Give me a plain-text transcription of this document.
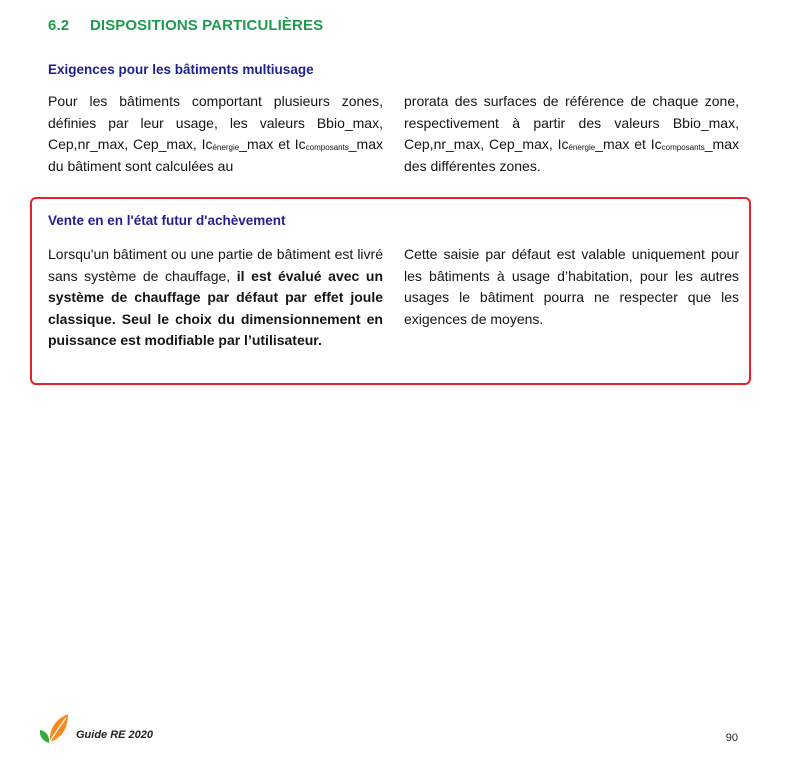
6.2 DISPOSITIONS PARTICULIÈRES
Exigences pour les bâtiments multiusage

Pour les bâtiments comportant plusieurs zones, définies par leur usage, les valeurs Bbio_max, Cep,nr_max, Cep_max, $Ic_{énergie}\_\max$ et $Ic_{composants}\_\max$ du bâtiment sont calculées au

prorata des surfaces de référence de chaque zone, respectivement à partir des valeurs Bbio_max, Cep,nr_max, Cep_max, $Ic_{énergie}\_\max$ et $Ic_{composants}\_\max$ des différentes zones.

Vente en en l'état futur d'achèvement

Lorsqu'un bâtiment ou une partie de bâtiment est livré sans système de chauffage, il est évalué avec un système de chauffage par défaut par effet joule classique. Seul le choix du dimensionnement en puissance est modifiable par l’utilisateur.

Cette saisie par défaut est valable uniquement pour les bâtiments à usage d’habitation, pour les autres usages le bâtiment pourra ne respecter que les exigences de moyens.

Guide RE 2020	90
